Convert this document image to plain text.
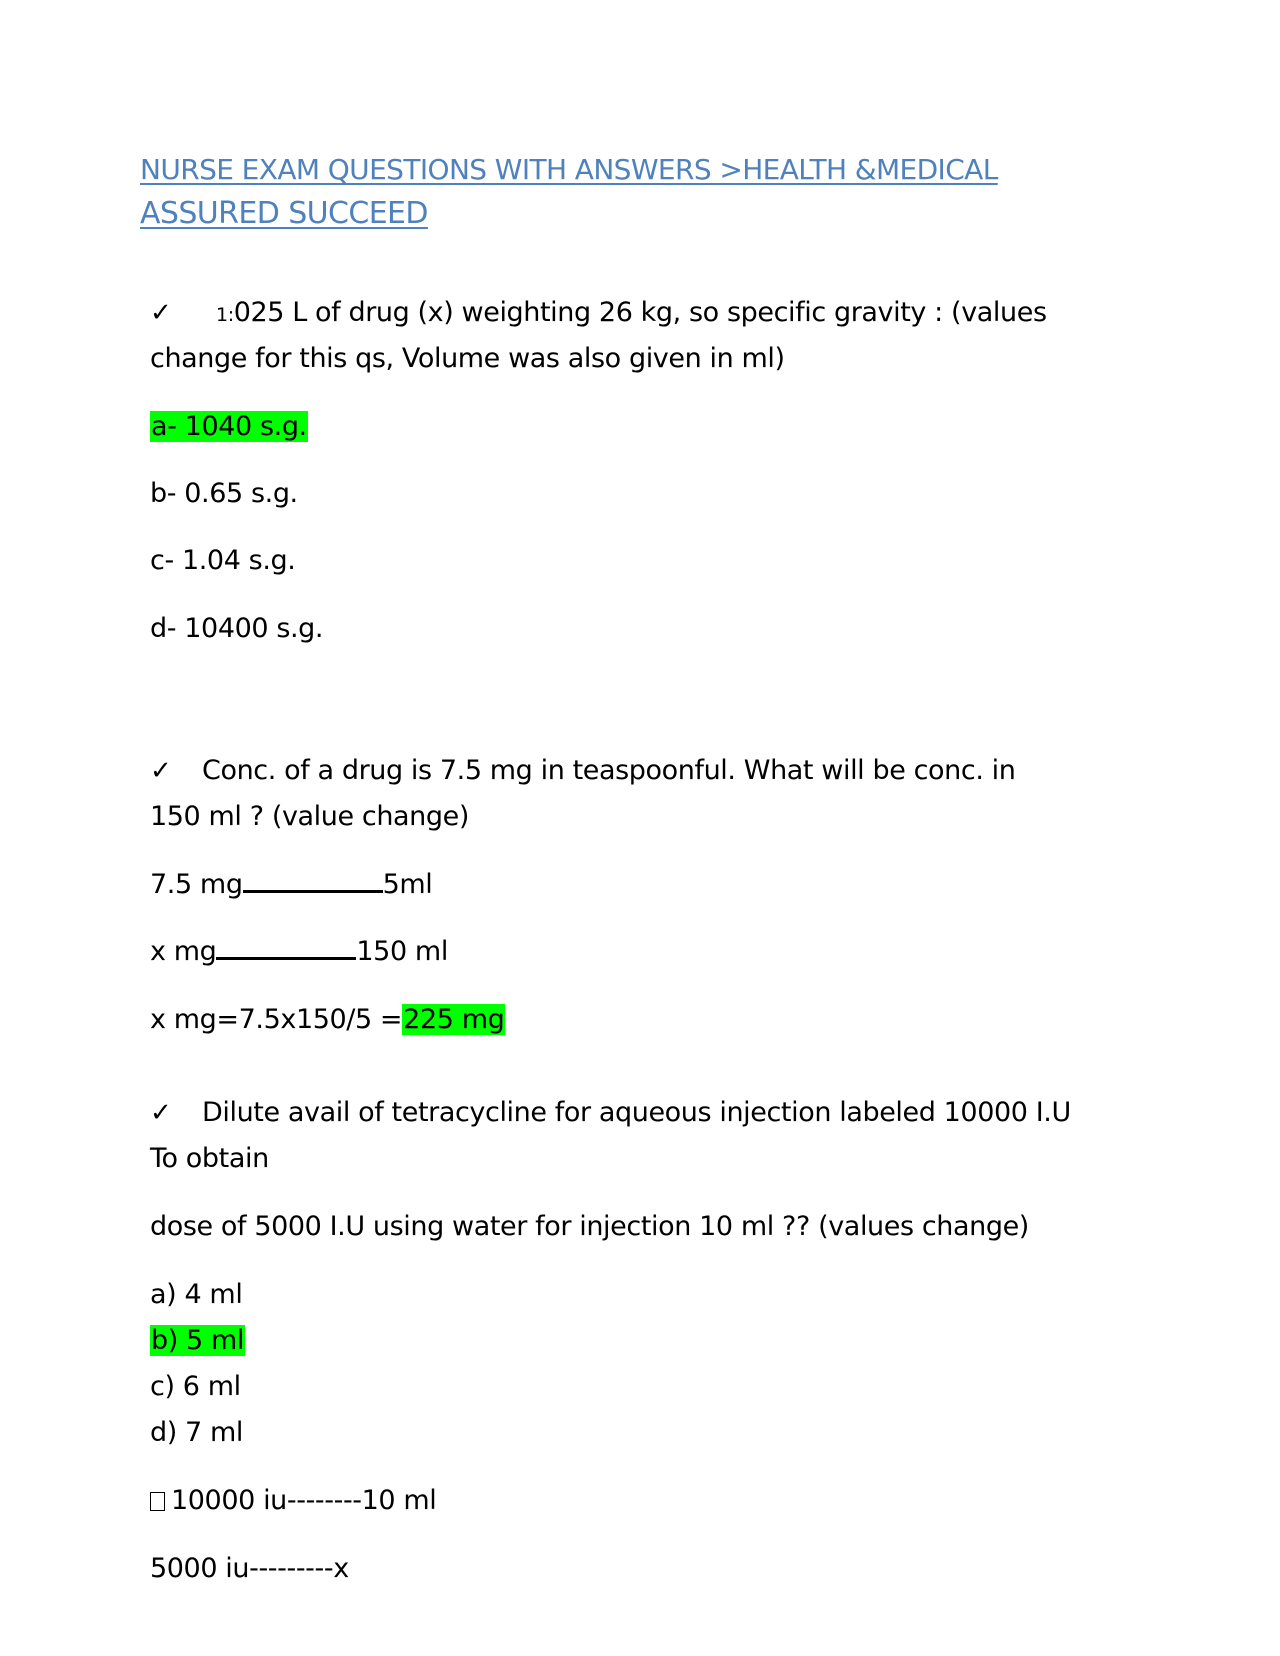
NURSE EXAM QUESTIONS WITH ANSWERS >HEALTH &MEDICAL
ASSURED SUCCEED
✓ 1:025 L of drug (x) weighting 26 kg, so specific gravity : (values
change for this qs, Volume was also given in ml)
a- 1040 s.g.
b- 0.65 s.g.
c- 1.04 s.g.
d- 10400 s.g.
✓ Conc. of a drug is 7.5 mg in teaspoonful. What will be conc. in
150 ml ? (value change)
7.5 mg	5ml
x mg	150 ml
x mg=7.5x150/5 =225 mg
✓ Dilute avail of tetracycline for aqueous injection labeled 10000 I.U
To obtain
dose of 5000 I.U using water for injection 10 ml ?? (values change)
a) 4 ml
b) 5 ml
c) 6 ml
d) 7 ml
10000 iu--------10 ml
5000 iu---------x
